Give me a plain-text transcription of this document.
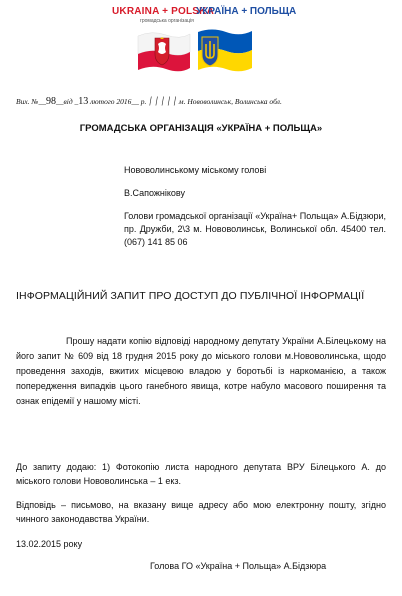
UKRAINA + POLSKA
УКРАЇНА + ПОЛЬЩА
громадська організація
Вих. №__98__від _13 лютого 2016__ р. ׀ ׀ ׀ ׀ ׀ м. Нововолинськ, Волинська обл.
ГРОМАДСЬКА ОРГАНІЗАЦІЯ «УКРАЇНА + ПОЛЬЩА»
Нововолинському міському голові
В.Сапожнікову
Голови громадської організації «Україна+ Польща» А.Бідзюри, пр. Дружби, 2\3 м. Нововолинськ, Волинської обл. 45400 тел. (067) 141 85 06
ІНФОРМАЦІЙНИЙ ЗАПИТ ПРО ДОСТУП ДО ПУБЛІЧНОЇ ІНФОРМАЦІЇ
Прошу надати копію відповіді народному депутату України А.Білецькому на його запит № 609 від 18 грудня 2015 року до міського голови м.Нововолинська, щодо проведення заходів, вжитих місцевою владою у боротьбі із наркоманією, а також попередження випадків цього ганебного явища, котре набуло масового поширення та ознак епідемії у нашому місті.
До запиту додаю: 1) Фотокопію листа народного депутата ВРУ Білецького А. до міського голови Нововолинська – 1 екз.
Відповідь – письмово, на вказану вище адресу або мою електронну пошту, згідно чинного законодавства України.
13.02.2015 року
Голова ГО «Україна + Польща» А.Бідзюра
